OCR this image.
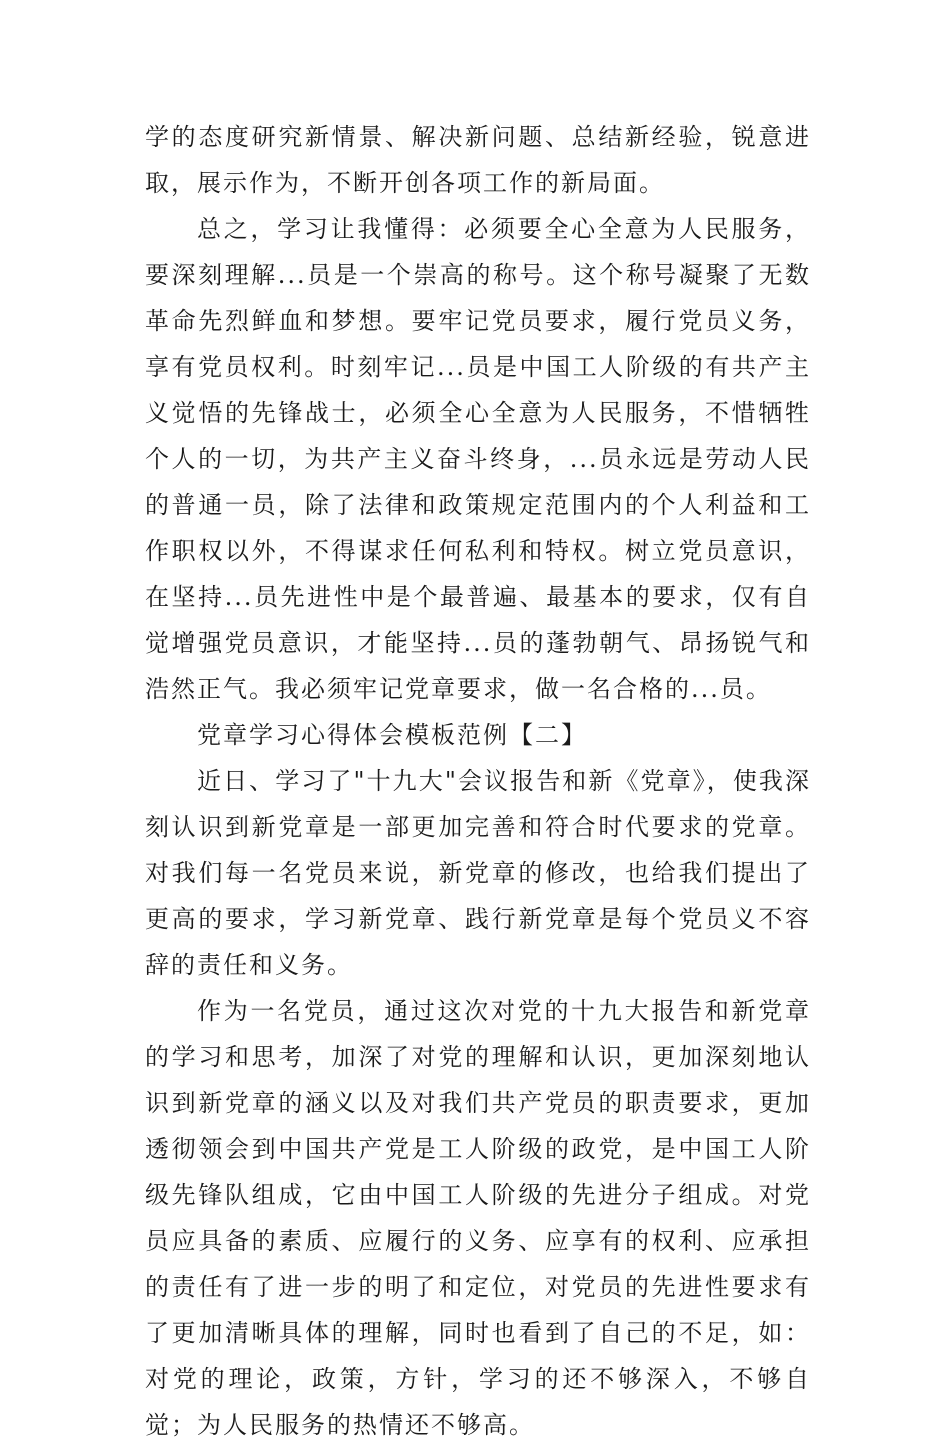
学的态度研究新情景、解决新问题、总结新经验，锐意进取，展示作为，不断开创各项工作的新局面。

总之，学习让我懂得：必须要全心全意为人民服务，要深刻理解...员是一个崇高的称号。这个称号凝聚了无数革命先烈鲜血和梦想。要牢记党员要求，履行党员义务，享有党员权利。时刻牢记...员是中国工人阶级的有共产主义觉悟的先锋战士，必须全心全意为人民服务，不惜牺牲个人的一切，为共产主义奋斗终身，...员永远是劳动人民的普通一员，除了法律和政策规定范围内的个人利益和工作职权以外，不得谋求任何私利和特权。树立党员意识，在坚持...员先进性中是个最普遍、最基本的要求，仅有自觉增强党员意识，才能坚持...员的蓬勃朝气、昂扬锐气和浩然正气。我必须牢记党章要求，做一名合格的...员。

党章学习心得体会模板范例【二】

近日、学习了"十九大"会议报告和新《党章》，使我深刻认识到新党章是一部更加完善和符合时代要求的党章。对我们每一名党员来说，新党章的修改，也给我们提出了更高的要求，学习新党章、践行新党章是每个党员义不容辞的责任和义务。

作为一名党员，通过这次对党的十九大报告和新党章的学习和思考，加深了对党的理解和认识，更加深刻地认识到新党章的涵义以及对我们共产党员的职责要求，更加透彻领会到中国共产党是工人阶级的政党，是中国工人阶级先锋队组成，它由中国工人阶级的先进分子组成。对党员应具备的素质、应履行的义务、应享有的权利、应承担的责任有了进一步的明了和定位，对党员的先进性要求有了更加清晰具体的理解，同时也看到了自己的不足，如：对党的理论，政策，方针，学习的还不够深入，不够自觉；为人民服务的热情还不够高。
